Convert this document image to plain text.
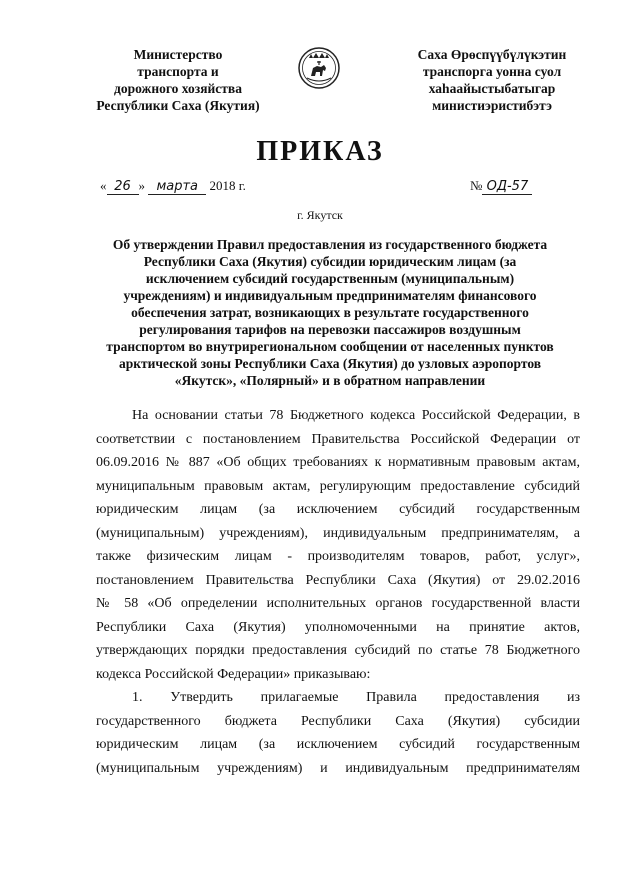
Министерство
транспорта и
дорожного хозяйства
Республики Саха (Якутия)
Саха Өрөспүүбүлүкэтин
транспорга уонна суол
хаһаайыстыбатыгар
министиэристибэтэ
ПРИКАЗ
« 26 » марта 2018 г.	№ ОД-57
г. Якутск
Об утверждении Правил предоставления из государственного бюджета
Республики Саха (Якутия) субсидии юридическим лицам (за
исключением субсидий государственным (муниципальным)
учреждениям) и индивидуальным предпринимателям финансового
обеспечения затрат, возникающих в результате государственного
регулирования тарифов на перевозки пассажиров воздушным
транспортом во внутрирегиональном сообщении от населенных пунктов
арктической зоны Республики Саха (Якутия) до узловых аэропортов
«Якутск», «Полярный» и в обратном направлении
На основании статьи 78 Бюджетного кодекса Российской Федерации, в
соответствии с постановлением Правительства Российской Федерации от
06.09.2016 № 887 «Об общих требованиях к нормативным правовым актам,
муниципальным правовым актам, регулирующим предоставление субсидий
юридическим лицам (за исключением субсидий государственным
(муниципальным) учреждениям), индивидуальным предпринимателям, а
также физическим лицам - производителям товаров, работ, услуг»,
постановлением Правительства Республики Саха (Якутия) от 29.02.2016
№ 58 «Об определении исполнительных органов государственной власти
Республики Саха (Якутия) уполномоченными на принятие актов,
утверждающих порядки предоставления субсидий по статье 78 Бюджетного
кодекса Российской Федерации» приказываю:
1. Утвердить прилагаемые Правила предоставления из
государственного бюджета Республики Саха (Якутия) субсидии
юридическим лицам (за исключением субсидий государственным
(муниципальным учреждениям) и индивидуальным предпринимателям
